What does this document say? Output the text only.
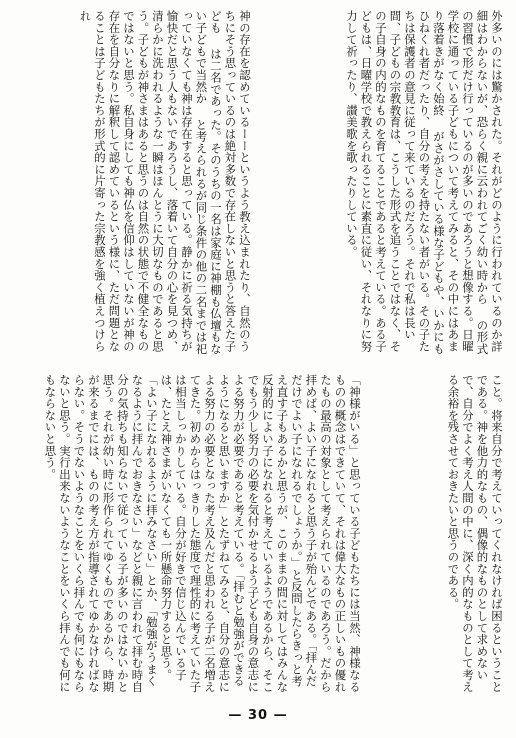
外多いのには驚かされた。それがどのように行われているのか詳細はわからないが、恐らく親に云われてごく幼い時から の形式の習慣で形だけ行っているのが多いのであろうと想像する。日曜学校に通っている子どもについて考えてみると、その中にはあまり落着きがなく始終 がさがさしている様な子どもや、いかにもひねくれ者だったり、自分の考えを持たない者がいる。その子たちは保護者の意見に従って来ているのだろう。それで私は長い間、子どもの宗教教育は、こうした形式を追うことではなく、その子自身の内的なものを育てることであると考えている。ある子どもは、日曜学校で教えられることに素直に従い、それなりに努力して祈ったり、讃美歌を歌ったりしている。
神の存在を認めているーーというよう教え込まれたり、自然のうちにそう思っているのは絶対多数で存在しないと思うと答えた子ども は二名であった。そのうちの一名は家庭に神棚も仏壇もない子どもで当然か と考えられるが同じ条件の他の二名までは祀っていなくても神は存在すると思っている。静かに祈る気持ちが愉快だと思う人もないであろうし、落着いて自分の心を見つめ、清らかに洗われるような一瞬はほんとうに大切なものであると思う。子どもが神さまはあると思うのは自然の状態で不健全なものではないと思う。私自身にしても神仏を信仰はしていないが神の存在を自分なりに解釈して認めているという様に、ただ問題となることは子どもたちが形式的に片寄った宗教感を強く植えつけられ
こと。将来自分で考えていってくれなければ困るということである。神を他力的なもの、偶像的なものとして求めないで、自分でよく考え人間の中に、深く内的なものとして考える余裕を残させておきたいと思うのである。
「神様がいる」と思っている子どもたちには当然、神様なるものの概念はできていて、それは偉大なもの正しいもの優れたもの最高の対象として考えられているのであろう。だから拝めば、よい子になれると思う子が殆んどである。「拝んだだけでよい子になれるでしょうか。」と反問したらきっと考え直す子もあるかと思うが、このままの問に対してはみんな反射的によい子になれると考えているようであるから、そこでもう少し努力の必要を気付かせるよう子ども自身の意志による努力が必要であると考えている。「拝むと勉強ができるようになると思いますか」とたずねてみると、自分の意志による努力の必要となった考え及んだと思われる子が二名増えてきた。初めからはっきりした態度で理性的に考えていた子は相当しっかりしている。自分が好きで信じ込んでいる子は、たとえ神さまがいなくても一所懸命努力すると思う。「よい子になれるように拝みなさい」とか、「勉強がうまくなるように拝んでおきなさい」などと親に言われて拝む時自分の気持ちも知らないで従っている子が多いのではないかと思う。それが幼い時に形作られてゆくものであるから、時期が来るまでには、ものの考え方が指導されてゆかなければならない。そうでないようなことをいくら拝んでも何にもならないと思う。実行出来ないようなことをいくら拝んでも何にもならないと思う。
— 30 —
